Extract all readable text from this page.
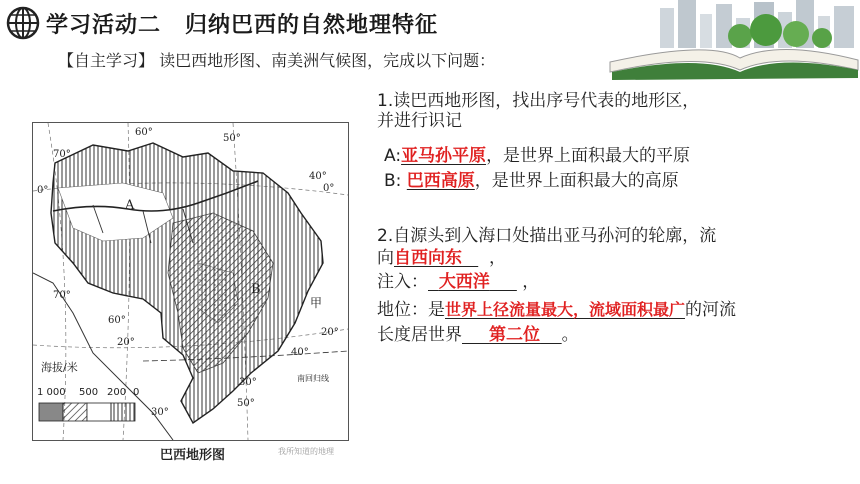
学习活动二 归纳巴西的自然地理特征
【自主学习】 读巴西地形图、南美洲气候图，完成以下问题：
60°
50°
70°
0°	0°
70°
40°
60°
20°
40°
20°
30°
50°
30°
A
B
甲
南回归线
海拔/米
1 000 500 200 0
巴西地形图	我所知道的地理
1.读巴西地形图，找出序号代表的地形区，
并进行识记
A:亚马孙平原，是世界上面积最大的平原
B: 巴西高原，是世界上面积最大的高原
2.自源头到入海口处描出亚马孙河的轮廓，流
向自西向东 ，
注入： 大西洋 ，
地位：是世界上径流量最大，流域面积最广的河流
长度居世界 第二位 。
